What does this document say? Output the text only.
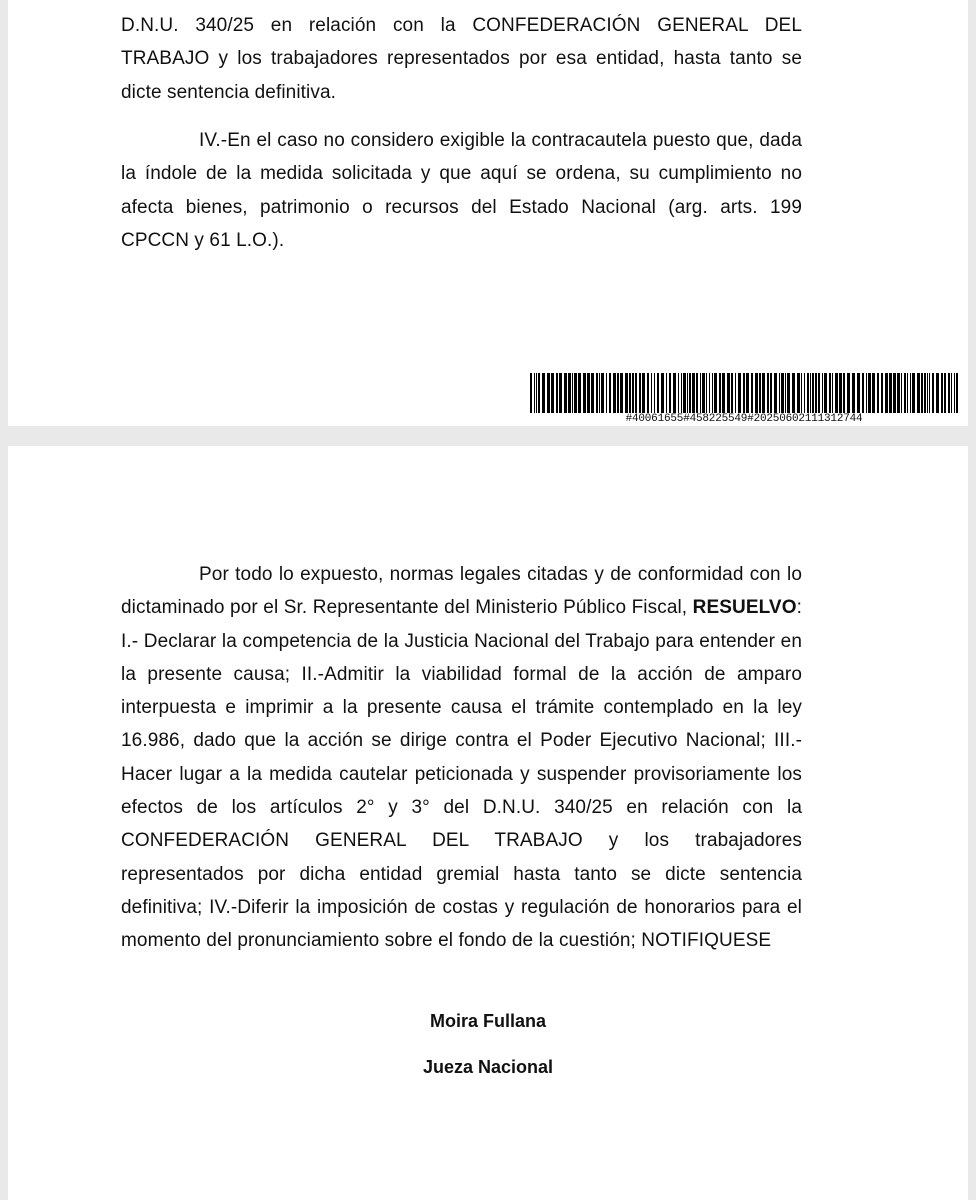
D.N.U. 340/25 en relación con la CONFEDERACIÓN GENERAL DEL
TRABAJO y los trabajadores representados por esa entidad, hasta tanto se
dicte sentencia definitiva.

IV.-En el caso no considero exigible la contracautela puesto que, dada la índole de la medida solicitada y que aquí se ordena, su cumplimiento no afecta bienes, patrimonio o recursos del Estado Nacional (arg. arts. 199 CPCCN y 61 L.O.).

#40061655#458225549#20250602111312744

Por todo lo expuesto, normas legales citadas y de conformidad con lo dictaminado por el Sr. Representante del Ministerio Público Fiscal, RESUELVO: I.- Declarar la competencia de la Justicia Nacional del Trabajo para entender en la presente causa; II.-Admitir la viabilidad formal de la acción de amparo interpuesta e imprimir a la presente causa el trámite contemplado en la ley 16.986, dado que la acción se dirige contra el Poder Ejecutivo Nacional; III.-Hacer lugar a la medida cautelar peticionada y suspender provisoriamente los efectos de los artículos 2° y 3° del D.N.U. 340/25 en relación con la CONFEDERACIÓN GENERAL DEL TRABAJO y los trabajadores representados por dicha entidad gremial hasta tanto se dicte sentencia definitiva; IV.-Diferir la imposición de costas y regulación de honorarios para el momento del pronunciamiento sobre el fondo de la cuestión; NOTIFIQUESE

Moira Fullana

Jueza Nacional
